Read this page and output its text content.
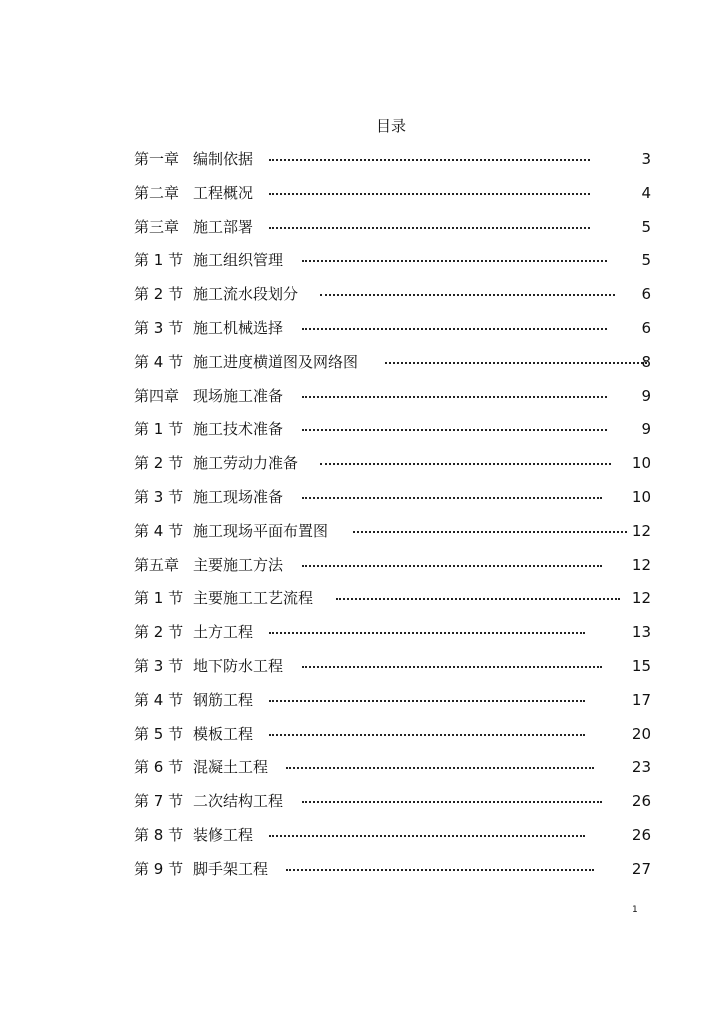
目录
第一章 编制依据	3
第二章 工程概况	4
第三章 施工部署	5
第 1 节 施工组织管理	5
第 2 节 施工流水段划分	6
第 3 节 施工机械选择	6
第 4 节 施工进度横道图及网络图	8
第四章 现场施工准备	9
第 1 节 施工技术准备	9
第 2 节 施工劳动力准备	10
第 3 节 施工现场准备	10
第 4 节 施工现场平面布置图	12
第五章 主要施工方法	12
第 1 节 主要施工工艺流程	12
第 2 节 土方工程	13
第 3 节 地下防水工程	15
第 4 节 钢筋工程	17
第 5 节 模板工程	20
第 6 节 混凝土工程	23
第 7 节 二次结构工程	26
第 8 节 装修工程	26
第 9 节 脚手架工程	27
1
